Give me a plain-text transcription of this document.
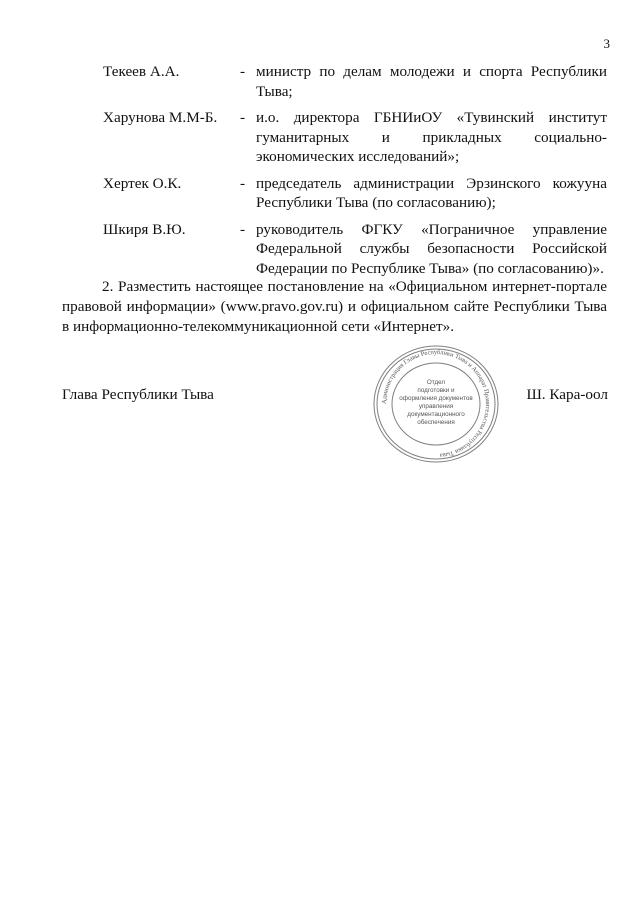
3
Текеев А.А.	- министр по делам молодежи и спорта Республики Тыва;
Харунова М.М-Б.	- и.о. директора ГБНИиОУ «Тувинский институт гуманитарных и прикладных социально-экономических исследований»;
Хертек О.К.	- председатель администрации Эрзинского кожууна Республики Тыва (по согласованию);
Шкиря В.Ю.	- руководитель ФГКУ «Пограничное управление Федеральной службы безопасности Российской Федерации по Республике Тыва» (по согласованию)».

2. Разместить настоящее постановление на «Официальном интернет-портале правовой информации» (www.pravo.gov.ru) и официальном сайте Республики Тыва в информационно-телекоммуникационной сети «Интернет».

Глава Республики Тыва	Администрация Главы Республики Тыва и Аппарат Правительства Республики Тыва
Отдел
подготовки и
оформления документов
управления
документационного
обеспечения
Ш. Кара-оол
